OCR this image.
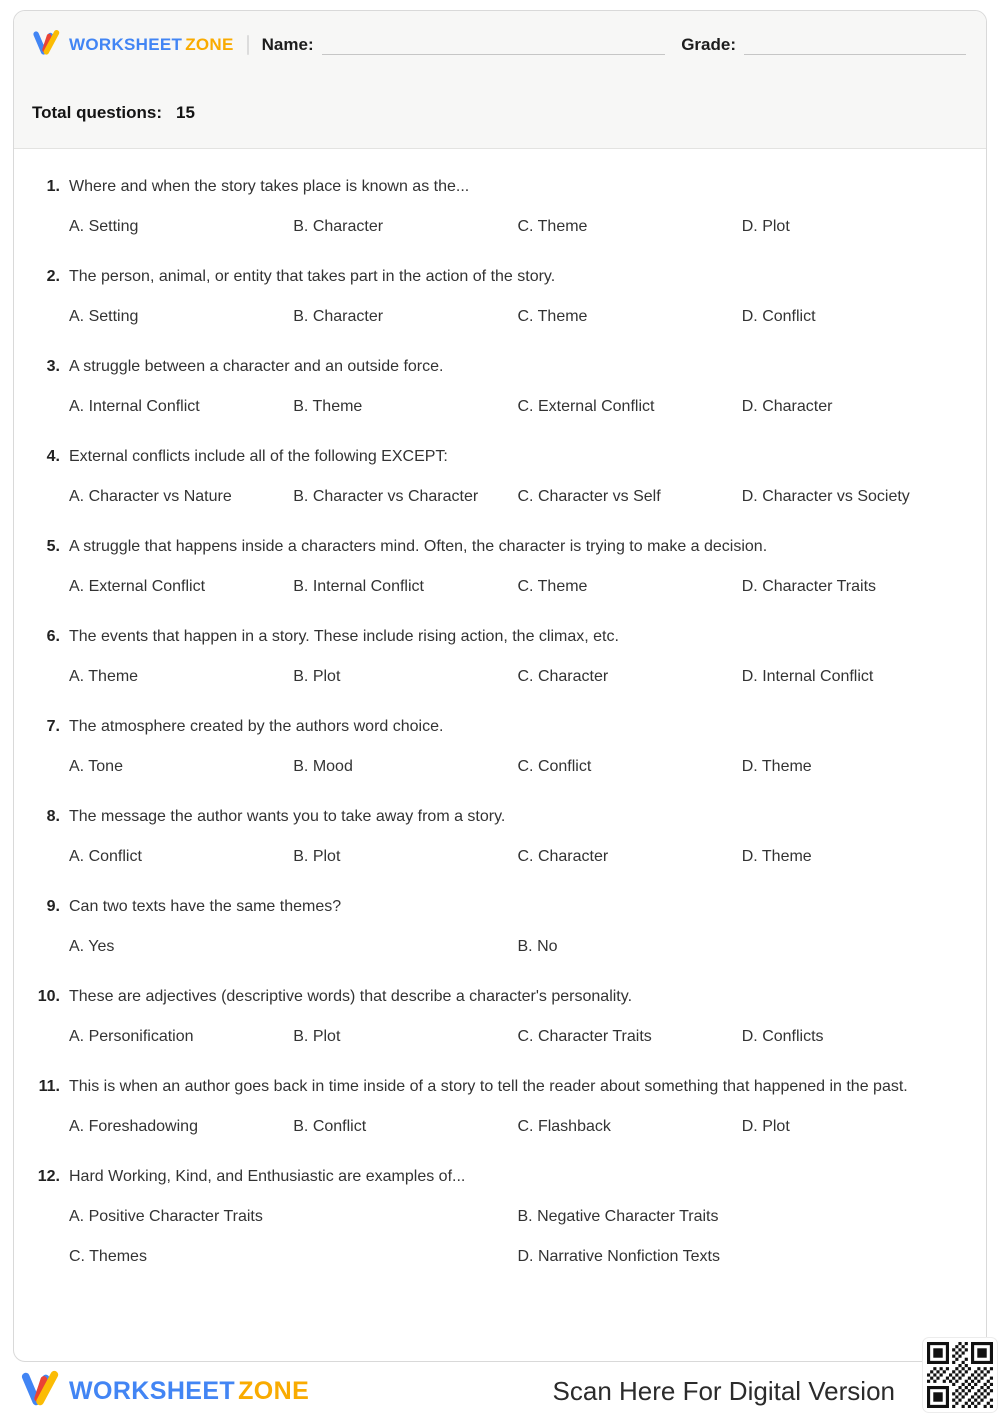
WORKSHEET ZONE Name:	Grade:
Total questions: 15
1. Where and when the story takes place is known as the...
A. Setting	B. Character	C. Theme	D. Plot
2. The person, animal, or entity that takes part in the action of the story.
A. Setting	B. Character	C. Theme	D. Conflict
3. A struggle between a character and an outside force.
A. Internal Conflict	B. Theme	C. External Conflict	D. Character
4. External conflicts include all of the following EXCEPT:
A. Character vs Nature	B. Character vs Character	C. Character vs Self	D. Character vs Society
5. A struggle that happens inside a characters mind. Often, the character is trying to make a decision.
A. External Conflict	B. Internal Conflict	C. Theme	D. Character Traits
6. The events that happen in a story. These include rising action, the climax, etc.
A. Theme	B. Plot	C. Character	D. Internal Conflict
7. The atmosphere created by the authors word choice.
A. Tone	B. Mood	C. Conflict	D. Theme
8. The message the author wants you to take away from a story.
A. Conflict	B. Plot	C. Character	D. Theme
9. Can two texts have the same themes?
A. Yes	B. No
10. These are adjectives (descriptive words) that describe a character's personality.
A. Personification	B. Plot	C. Character Traits	D. Conflicts
11. This is when an author goes back in time inside of a story to tell the reader about something that happened in the past.
A. Foreshadowing	B. Conflict	C. Flashback	D. Plot
12. Hard Working, Kind, and Enthusiastic are examples of...
A. Positive Character Traits	B. Negative Character Traits
C. Themes	D. Narrative Nonfiction Texts
WORKSHEET ZONE	Scan Here For Digital Version
